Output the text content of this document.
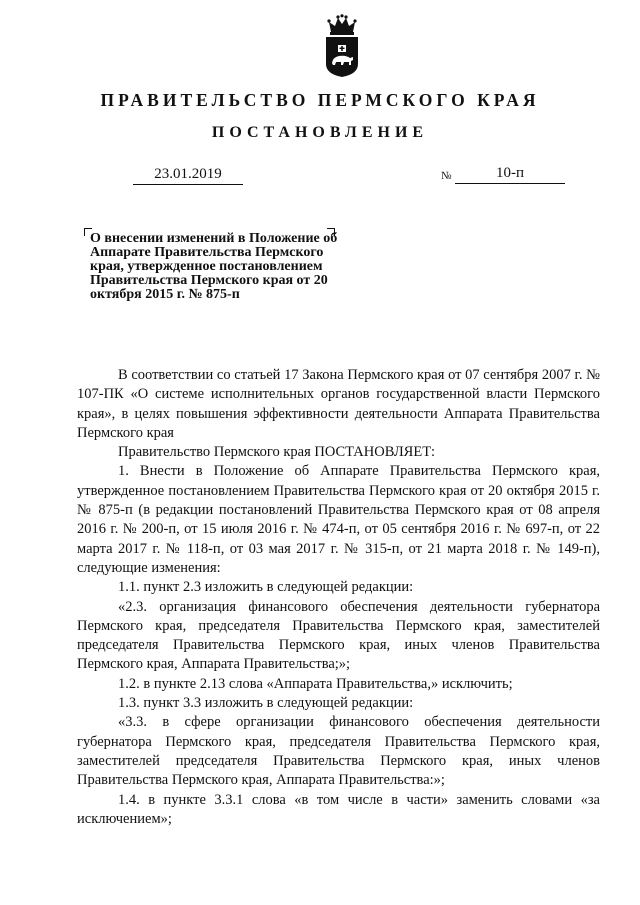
ПРАВИТЕЛЬСТВО ПЕРМСКОГО КРАЯ
ПОСТАНОВЛЕНИЕ
23.01.2019	№	10-п
О внесении изменений в Положение об Аппарате Правительства Пермского края, утвержденное постановлением Правительства Пермского края от 20 октября 2015 г. № 875-п

В соответствии со статьей 17 Закона Пермского края от 07 сентября 2007 г. № 107-ПК «О системе исполнительных органов государственной власти Пермского края», в целях повышения эффективности деятельности Аппарата Правительства Пермского края

Правительство Пермского края ПОСТАНОВЛЯЕТ:

1. Внести в Положение об Аппарате Правительства Пермского края, утвержденное постановлением Правительства Пермского края от 20 октября 2015 г. № 875-п (в редакции постановлений Правительства Пермского края от 08 апреля 2016 г. № 200-п, от 15 июля 2016 г. № 474-п, от 05 сентября 2016 г. № 697-п, от 22 марта 2017 г. № 118-п, от 03 мая 2017 г. № 315-п, от 21 марта 2018 г. № 149-п), следующие изменения:

1.1. пункт 2.3 изложить в следующей редакции:

«2.3. организация финансового обеспечения деятельности губернатора Пермского края, председателя Правительства Пермского края, заместителей председателя Правительства Пермского края, иных членов Правительства Пермского края, Аппарата Правительства;»;

1.2. в пункте 2.13 слова «Аппарата Правительства,» исключить;

1.3. пункт 3.3 изложить в следующей редакции:

«3.3. в сфере организации финансового обеспечения деятельности губернатора Пермского края, председателя Правительства Пермского края, заместителей председателя Правительства Пермского края, иных членов Правительства Пермского края, Аппарата Правительства:»;

1.4. в пункте 3.3.1 слова «в том числе в части» заменить словами «за исключением»;
